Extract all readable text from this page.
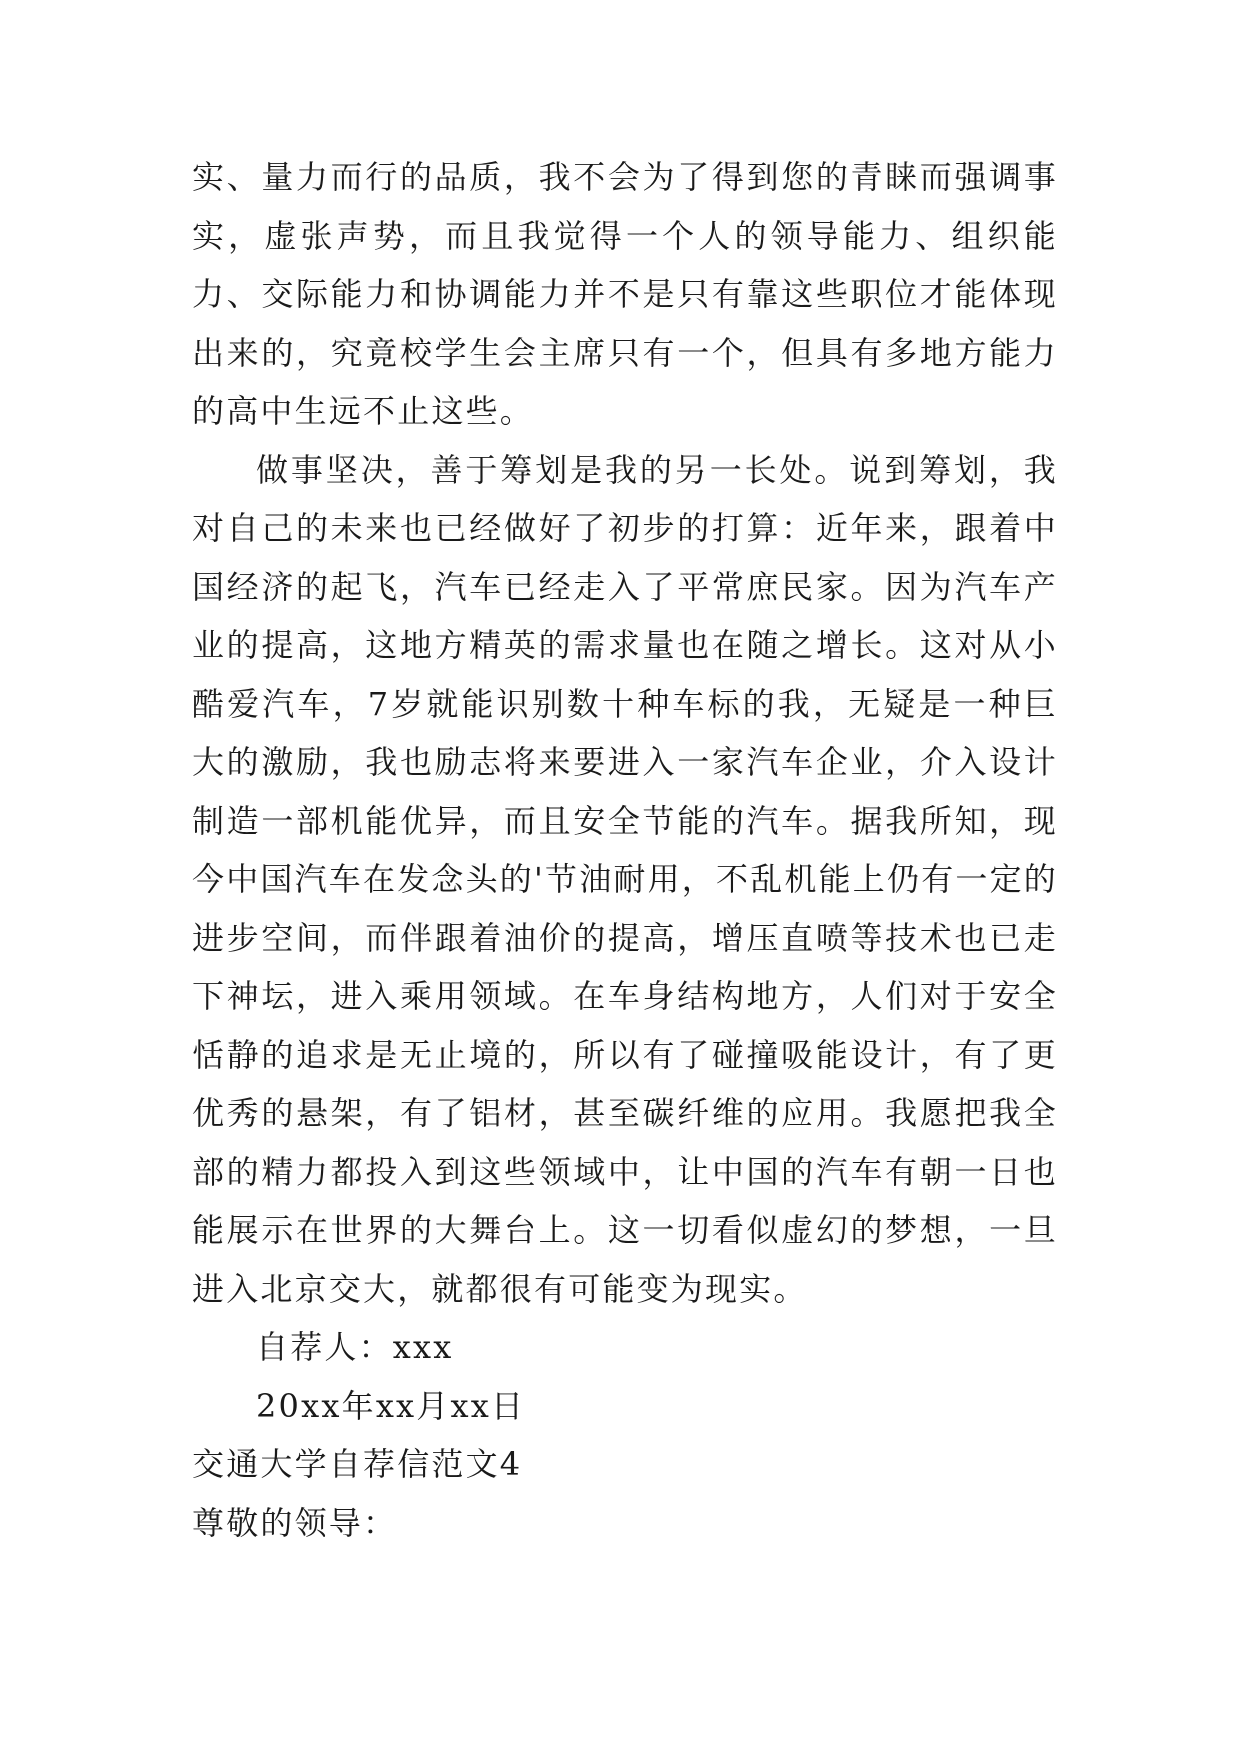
实、量力而行的品质，我不会为了得到您的青睐而强调事实，虚张声势，而且我觉得一个人的领导能力、组织能力、交际能力和协调能力并不是只有靠这些职位才能体现出来的，究竟校学生会主席只有一个，但具有多地方能力的高中生远不止这些。

做事坚决，善于筹划是我的另一长处。说到筹划，我对自己的未来也已经做好了初步的打算：近年来，跟着中国经济的起飞，汽车已经走入了平常庶民家。因为汽车产业的提高，这地方精英的需求量也在随之增长。这对从小酷爱汽车，7岁就能识别数十种车标的我，无疑是一种巨大的激励，我也励志将来要进入一家汽车企业，介入设计制造一部机能优异，而且安全节能的汽车。据我所知，现今中国汽车在发念头的'节油耐用，不乱机能上仍有一定的进步空间，而伴跟着油价的提高，增压直喷等技术也已走下神坛，进入乘用领域。在车身结构地方，人们对于安全恬静的追求是无止境的，所以有了碰撞吸能设计，有了更优秀的悬架，有了铝材，甚至碳纤维的应用。我愿把我全部的精力都投入到这些领域中，让中国的汽车有朝一日也能展示在世界的大舞台上。这一切看似虚幻的梦想，一旦进入北京交大，就都很有可能变为现实。

自荐人：xxx

20xx年xx月xx日

交通大学自荐信范文4

尊敬的领导：
